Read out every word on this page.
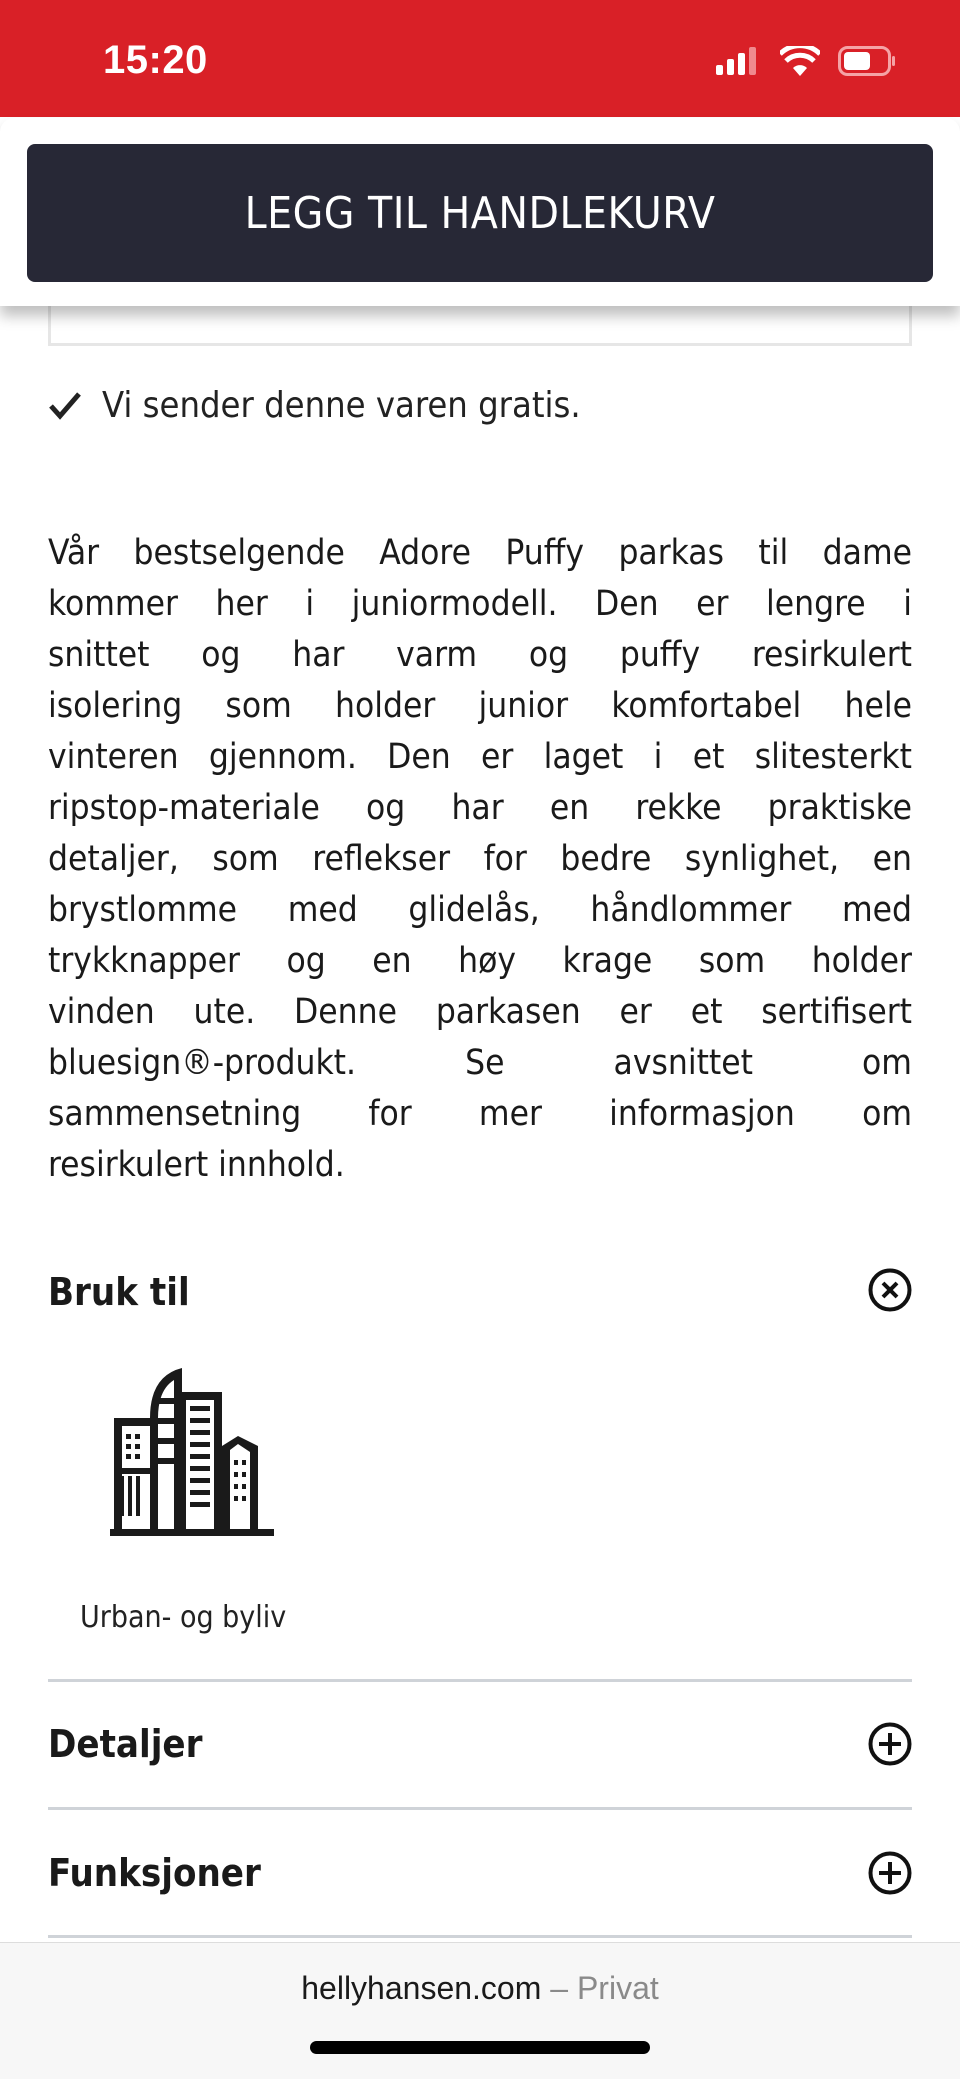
15:20
LEGG TIL HANDLEKURV
Vi sender denne varen gratis.
Vår bestselgende Adore Puffy parkas til dame
kommer her i juniormodell. Den er lengre i
snittet og har varm og puffy resirkulert
isolering som holder junior komfortabel hele
vinteren gjennom. Den er laget i et slitesterkt
ripstop-materiale og har en rekke praktiske
detaljer, som reflekser for bedre synlighet, en
brystlomme med glidelås, håndlommer med
trykknapper og en høy krage som holder
vinden ute. Denne parkasen er et sertifisert
bluesign®-produkt. Se avsnittet om
sammensetning for mer informasjon om
resirkulert innhold.
Bruk til
Urban- og byliv
Detaljer
Funksjoner
hellyhansen.com – Privat
